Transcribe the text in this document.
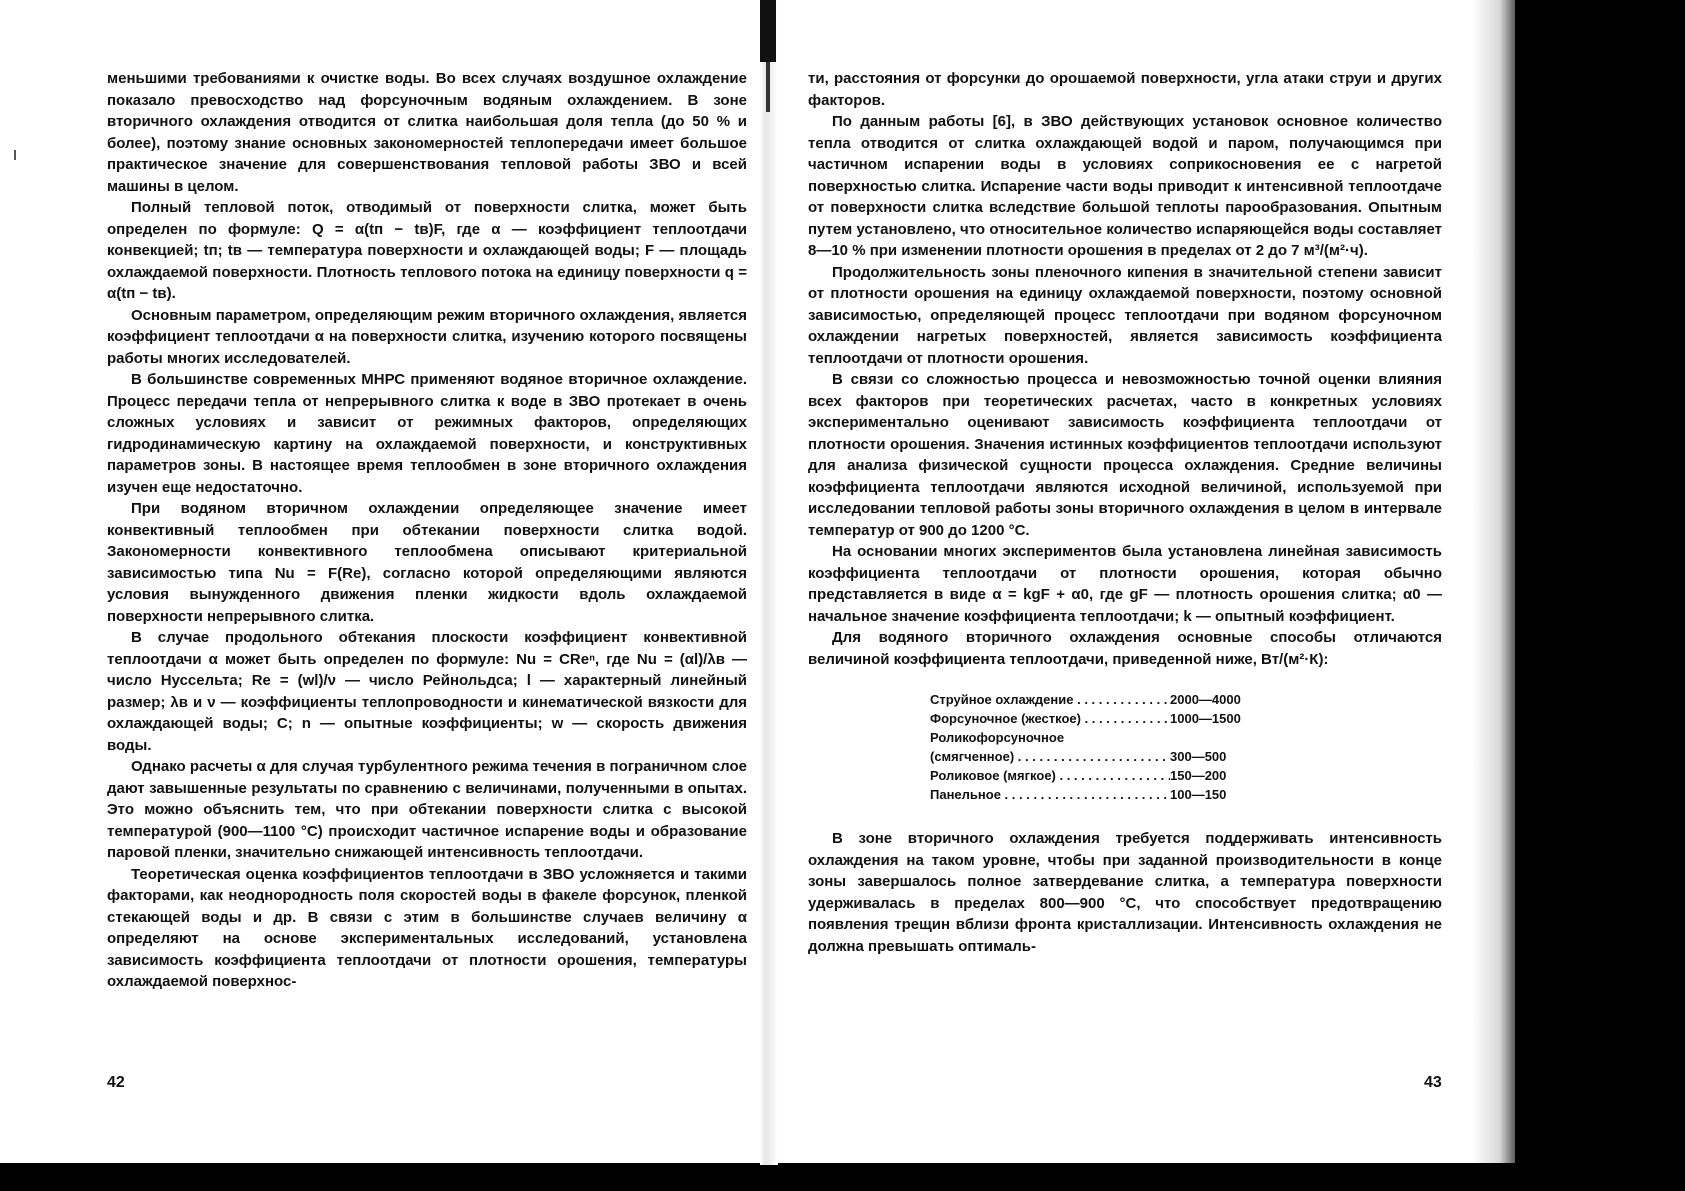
меньшими требованиями к очистке воды. Во всех случаях воздушное охлаждение показало превосходство над форсуночным водяным охлаждением. В зоне вторичного охлаждения отводится от слитка наибольшая доля тепла (до 50 % и более), поэтому знание основных закономерностей теплопередачи имеет большое практическое значение для совершенствования тепловой работы ЗВО и всей машины в целом.

Полный тепловой поток, отводимый от поверхности слитка, может быть определен по формуле: Q = α(tп − tв)F, где α — коэффициент теплоотдачи конвекцией; tп; tв — температура поверхности и охлаждающей воды; F — площадь охлаждаемой поверхности. Плотность теплового потока на единицу поверхности q = α(tп − tв).

Основным параметром, определяющим режим вторичного охлаждения, является коэффициент теплоотдачи α на поверхности слитка, изучению которого посвящены работы многих исследователей.

В большинстве современных МНРС применяют водяное вторичное охлаждение. Процесс передачи тепла от непрерывного слитка к воде в ЗВО протекает в очень сложных условиях и зависит от режимных факторов, определяющих гидродинамическую картину на охлаждаемой поверхности, и конструктивных параметров зоны. В настоящее время теплообмен в зоне вторичного охлаждения изучен еще недостаточно.

При водяном вторичном охлаждении определяющее значение имеет конвективный теплообмен при обтекании поверхности слитка водой. Закономерности конвективного теплообмена описывают критериальной зависимостью типа Nu = F(Re), согласно которой определяющими являются условия вынужденного движения пленки жидкости вдоль охлаждаемой поверхности непрерывного слитка.

В случае продольного обтекания плоскости коэффициент конвективной теплоотдачи α может быть определен по формуле: Nu = CReⁿ, где Nu = (αl)/λв — число Нуссельта; Re = (wl)/ν — число Рейнольдса; l — характерный линейный размер; λв и ν — коэффициенты теплопроводности и кинематической вязкости для охлаждающей воды; C; n — опытные коэффициенты; w — скорость движения воды.

Однако расчеты α для случая турбулентного режима течения в пограничном слое дают завышенные результаты по сравнению с величинами, полученными в опытах. Это можно объяснить тем, что при обтекании поверхности слитка с высокой температурой (900—1100 °C) происходит частичное испарение воды и образование паровой пленки, значительно снижающей интенсивность теплоотдачи.

Теоретическая оценка коэффициентов теплоотдачи в ЗВО усложняется и такими факторами, как неоднородность поля скоростей воды в факеле форсунок, пленкой стекающей воды и др. В связи с этим в большинстве случаев величину α определяют на основе экспериментальных исследований, установлена зависимость коэффициента теплоотдачи от плотности орошения, температуры охлаждаемой поверхнос-

42

ти, расстояния от форсунки до орошаемой поверхности, угла атаки струи и других факторов.

По данным работы [6], в ЗВО действующих установок основное количество тепла отводится от слитка охлаждающей водой и паром, получающимся при частичном испарении воды в условиях соприкосновения ее с нагретой поверхностью слитка. Испарение части воды приводит к интенсивной теплоотдаче от поверхности слитка вследствие большой теплоты парообразования. Опытным путем установлено, что относительное количество испаряющейся воды составляет 8—10 % при изменении плотности орошения в пределах от 2 до 7 м³/(м²·ч).

Продолжительность зоны пленочного кипения в значительной степени зависит от плотности орошения на единицу охлаждаемой поверхности, поэтому основной зависимостью, определяющей процесс теплоотдачи при водяном форсуночном охлаждении нагретых поверхностей, является зависимость коэффициента теплоотдачи от плотности орошения.

В связи со сложностью процесса и невозможностью точной оценки влияния всех факторов при теоретических расчетах, часто в конкретных условиях экспериментально оценивают зависимость коэффициента теплоотдачи от плотности орошения. Значения истинных коэффициентов теплоотдачи используют для анализа физической сущности процесса охлаждения. Средние величины коэффициента теплоотдачи являются исходной величиной, используемой при исследовании тепловой работы зоны вторичного охлаждения в целом в интервале температур от 900 до 1200 °C.

На основании многих экспериментов была установлена линейная зависимость коэффициента теплоотдачи от плотности орошения, которая обычно представляется в виде α = kgF + α0, где gF — плотность орошения слитка; α0 — начальное значение коэффициента теплоотдачи; k — опытный коэффициент.

Для водяного вторичного охлаждения основные способы отличаются величиной коэффициента теплоотдачи, приведенной ниже, Вт/(м²·К):

Струйное охлаждение . . .	2000—4000
Форсуночное (жесткое) . . .	1000—1500
Роликофорсуночное
(смягченное) . . .	300—500
Роликовое (мягкое) . . .	150—200
Панельное . . .	100—150

В зоне вторичного охлаждения требуется поддерживать интенсивность охлаждения на таком уровне, чтобы при заданной производительности в конце зоны завершалось полное затвердевание слитка, а температура поверхности удерживалась в пределах 800—900 °C, что способствует предотвращению появления трещин вблизи фронта кристаллизации. Интенсивность охлаждения не должна превышать оптималь-

43
